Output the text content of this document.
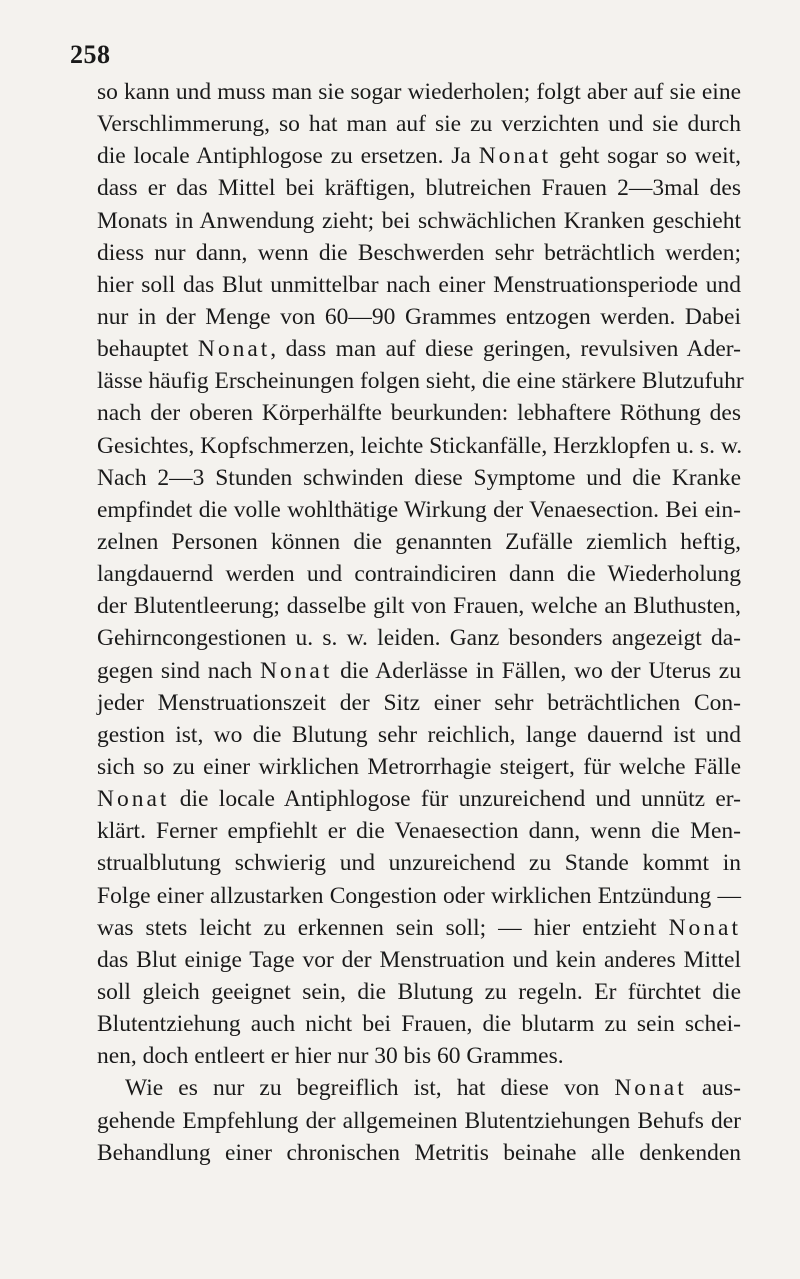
258
so kann und muss man sie sogar wiederholen; folgt aber auf sie eine
Verschlimmerung, so hat man auf sie zu verzichten und sie durch
die locale Antiphlogose zu ersetzen. Ja Nonat geht sogar so weit,
dass er das Mittel bei kräftigen, blutreichen Frauen 2—3mal des
Monats in Anwendung zieht; bei schwächlichen Kranken geschieht
diess nur dann, wenn die Beschwerden sehr beträchtlich werden;
hier soll das Blut unmittelbar nach einer Menstruationsperiode und
nur in der Menge von 60—90 Grammes entzogen werden. Dabei
behauptet Nonat, dass man auf diese geringen, revulsiven Ader-
lässe häufig Erscheinungen folgen sieht, die eine stärkere Blutzufuhr
nach der oberen Körperhälfte beurkunden: lebhaftere Röthung des
Gesichtes, Kopfschmerzen, leichte Stickanfälle, Herzklopfen u. s. w.
Nach 2—3 Stunden schwinden diese Symptome und die Kranke
empfindet die volle wohlthätige Wirkung der Venaesection. Bei ein-
zelnen Personen können die genannten Zufälle ziemlich heftig,
langdauernd werden und contraindiciren dann die Wiederholung
der Blutentleerung; dasselbe gilt von Frauen, welche an Bluthusten,
Gehirncongestionen u. s. w. leiden. Ganz besonders angezeigt da-
gegen sind nach Nonat die Aderlässe in Fällen, wo der Uterus zu
jeder Menstruationszeit der Sitz einer sehr beträchtlichen Con-
gestion ist, wo die Blutung sehr reichlich, lange dauernd ist und
sich so zu einer wirklichen Metrorrhagie steigert, für welche Fälle
Nonat die locale Antiphlogose für unzureichend und unnütz er-
klärt. Ferner empfiehlt er die Venaesection dann, wenn die Men-
strualblutung schwierig und unzureichend zu Stande kommt in
Folge einer allzustarken Congestion oder wirklichen Entzündung —
was stets leicht zu erkennen sein soll; — hier entzieht Nonat
das Blut einige Tage vor der Menstruation und kein anderes Mittel
soll gleich geeignet sein, die Blutung zu regeln. Er fürchtet die
Blutentziehung auch nicht bei Frauen, die blutarm zu sein schei-
nen, doch entleert er hier nur 30 bis 60 Grammes.
Wie es nur zu begreiflich ist, hat diese von Nonat aus-
gehende Empfehlung der allgemeinen Blutentziehungen Behufs der
Behandlung einer chronischen Metritis beinahe alle denkenden
